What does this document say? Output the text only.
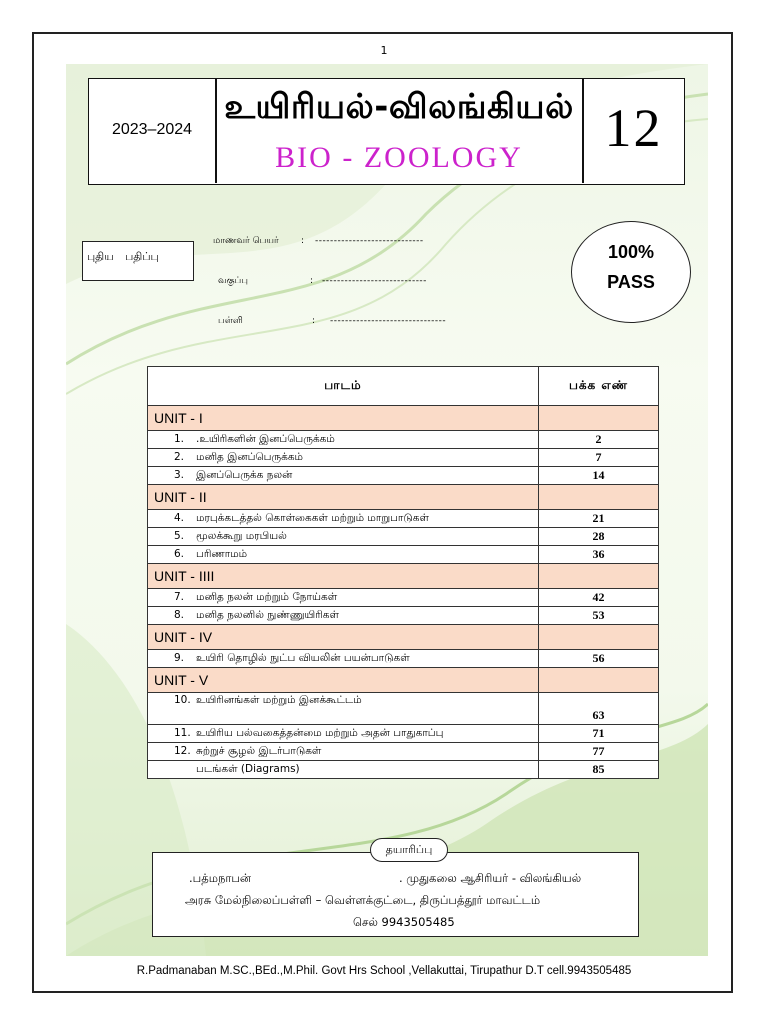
1
2023–2024
உயிரியல்-விலங்கியல்
BIO - ZOOLOGY	12
புதிய பதிப்பு
மாணவர் பெயர் : -----------------------------
வகுப்பு	: ----------------------------
பள்ளி	: -------------------------------
100%
PASS
பாடம்	பக்க எண்
UNIT - I	
1. .உயிரிகளின் இனப்பெருக்கம்	2
2. மனித இனப்பெருக்கம்	7
3. இனப்பெருக்க நலன்	14
UNIT - II	
4. மரபுக்கடத்தல் கொள்கைகள் மற்றும் மாறுபாடுகள்	21
5. மூலக்கூறு மரபியல்	28
6. பரிணாமம்	36
UNIT - IIII	
7. மனித நலன் மற்றும் நோய்கள்	42
8. மனித நலனில் நுண்ணுயிரிகள்	53
UNIT - IV	
9. உயிரி தொழில் நுட்ப வியலின் பயன்பாடுகள்	56
UNIT - V	
10. உயிரினங்கள் மற்றும் இனக்கூட்டம்	63
11. உயிரிய பல்வகைத்தன்மை மற்றும் அதன் பாதுகாப்பு	71
12. சுற்றுச் சூழல் இடர்பாடுகள்	77
படங்கள் (Diagrams)	85
.பத்மநாபன்	. முதுகலை ஆசிரியர் - விலங்கியல்
அரசு மேல்நிலைப்பள்ளி – வெள்ளக்குட்டை, திருப்பத்தூர் மாவட்டம்
செல் 9943505485
தயாரிப்பு
R.Padmanaban M.SC.,BEd.,M.Phil. Govt Hrs School ,Vellakuttai, Tirupathur D.T cell.9943505485
